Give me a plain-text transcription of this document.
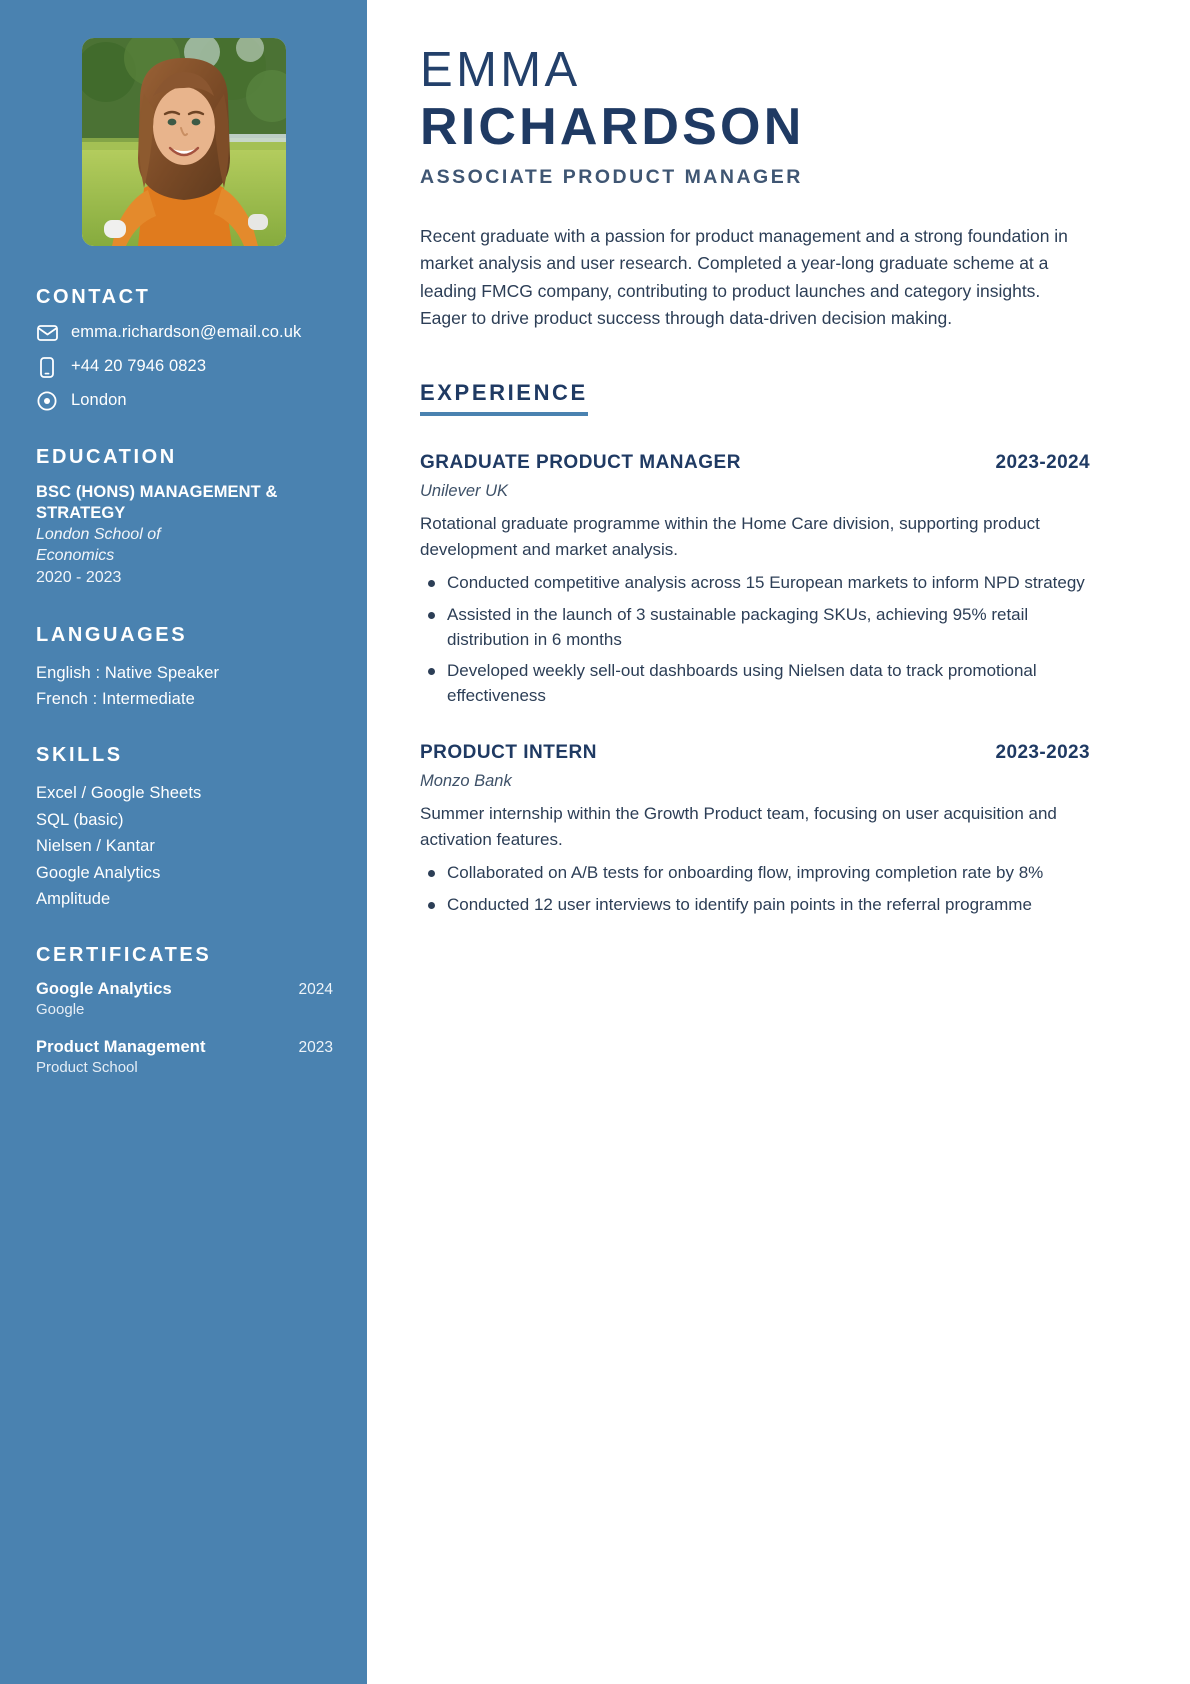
CONTACT
emma.richardson@email.co.uk
+44 20 7946 0823
London
EDUCATION
BSC (HONS) MANAGEMENT & STRATEGY
London School of Economics
2020 - 2023
LANGUAGES
English : Native Speaker
French : Intermediate
SKILLS
Excel / Google Sheets
SQL (basic)
Nielsen / Kantar
Google Analytics
Amplitude
CERTIFICATES
Google Analytics	2024
Google
Product Management	2023
Product School
EMMA
RICHARDSON
ASSOCIATE PRODUCT MANAGER

Recent graduate with a passion for product management and a strong foundation in market analysis and user research. Completed a year-long graduate scheme at a leading FMCG company, contributing to product launches and category insights. Eager to drive product success through data-driven decision making.

EXPERIENCE
GRADUATE PRODUCT MANAGER	2023-2024
Unilever UK
Rotational graduate programme within the Home Care division, supporting product development and market analysis.
Conducted competitive analysis across 15 European markets to inform NPD strategy
Assisted in the launch of 3 sustainable packaging SKUs, achieving 95% retail distribution in 6 months
Developed weekly sell-out dashboards using Nielsen data to track promotional effectiveness
PRODUCT INTERN	2023-2023
Monzo Bank
Summer internship within the Growth Product team, focusing on user acquisition and activation features.
Collaborated on A/B tests for onboarding flow, improving completion rate by 8%
Conducted 12 user interviews to identify pain points in the referral programme
